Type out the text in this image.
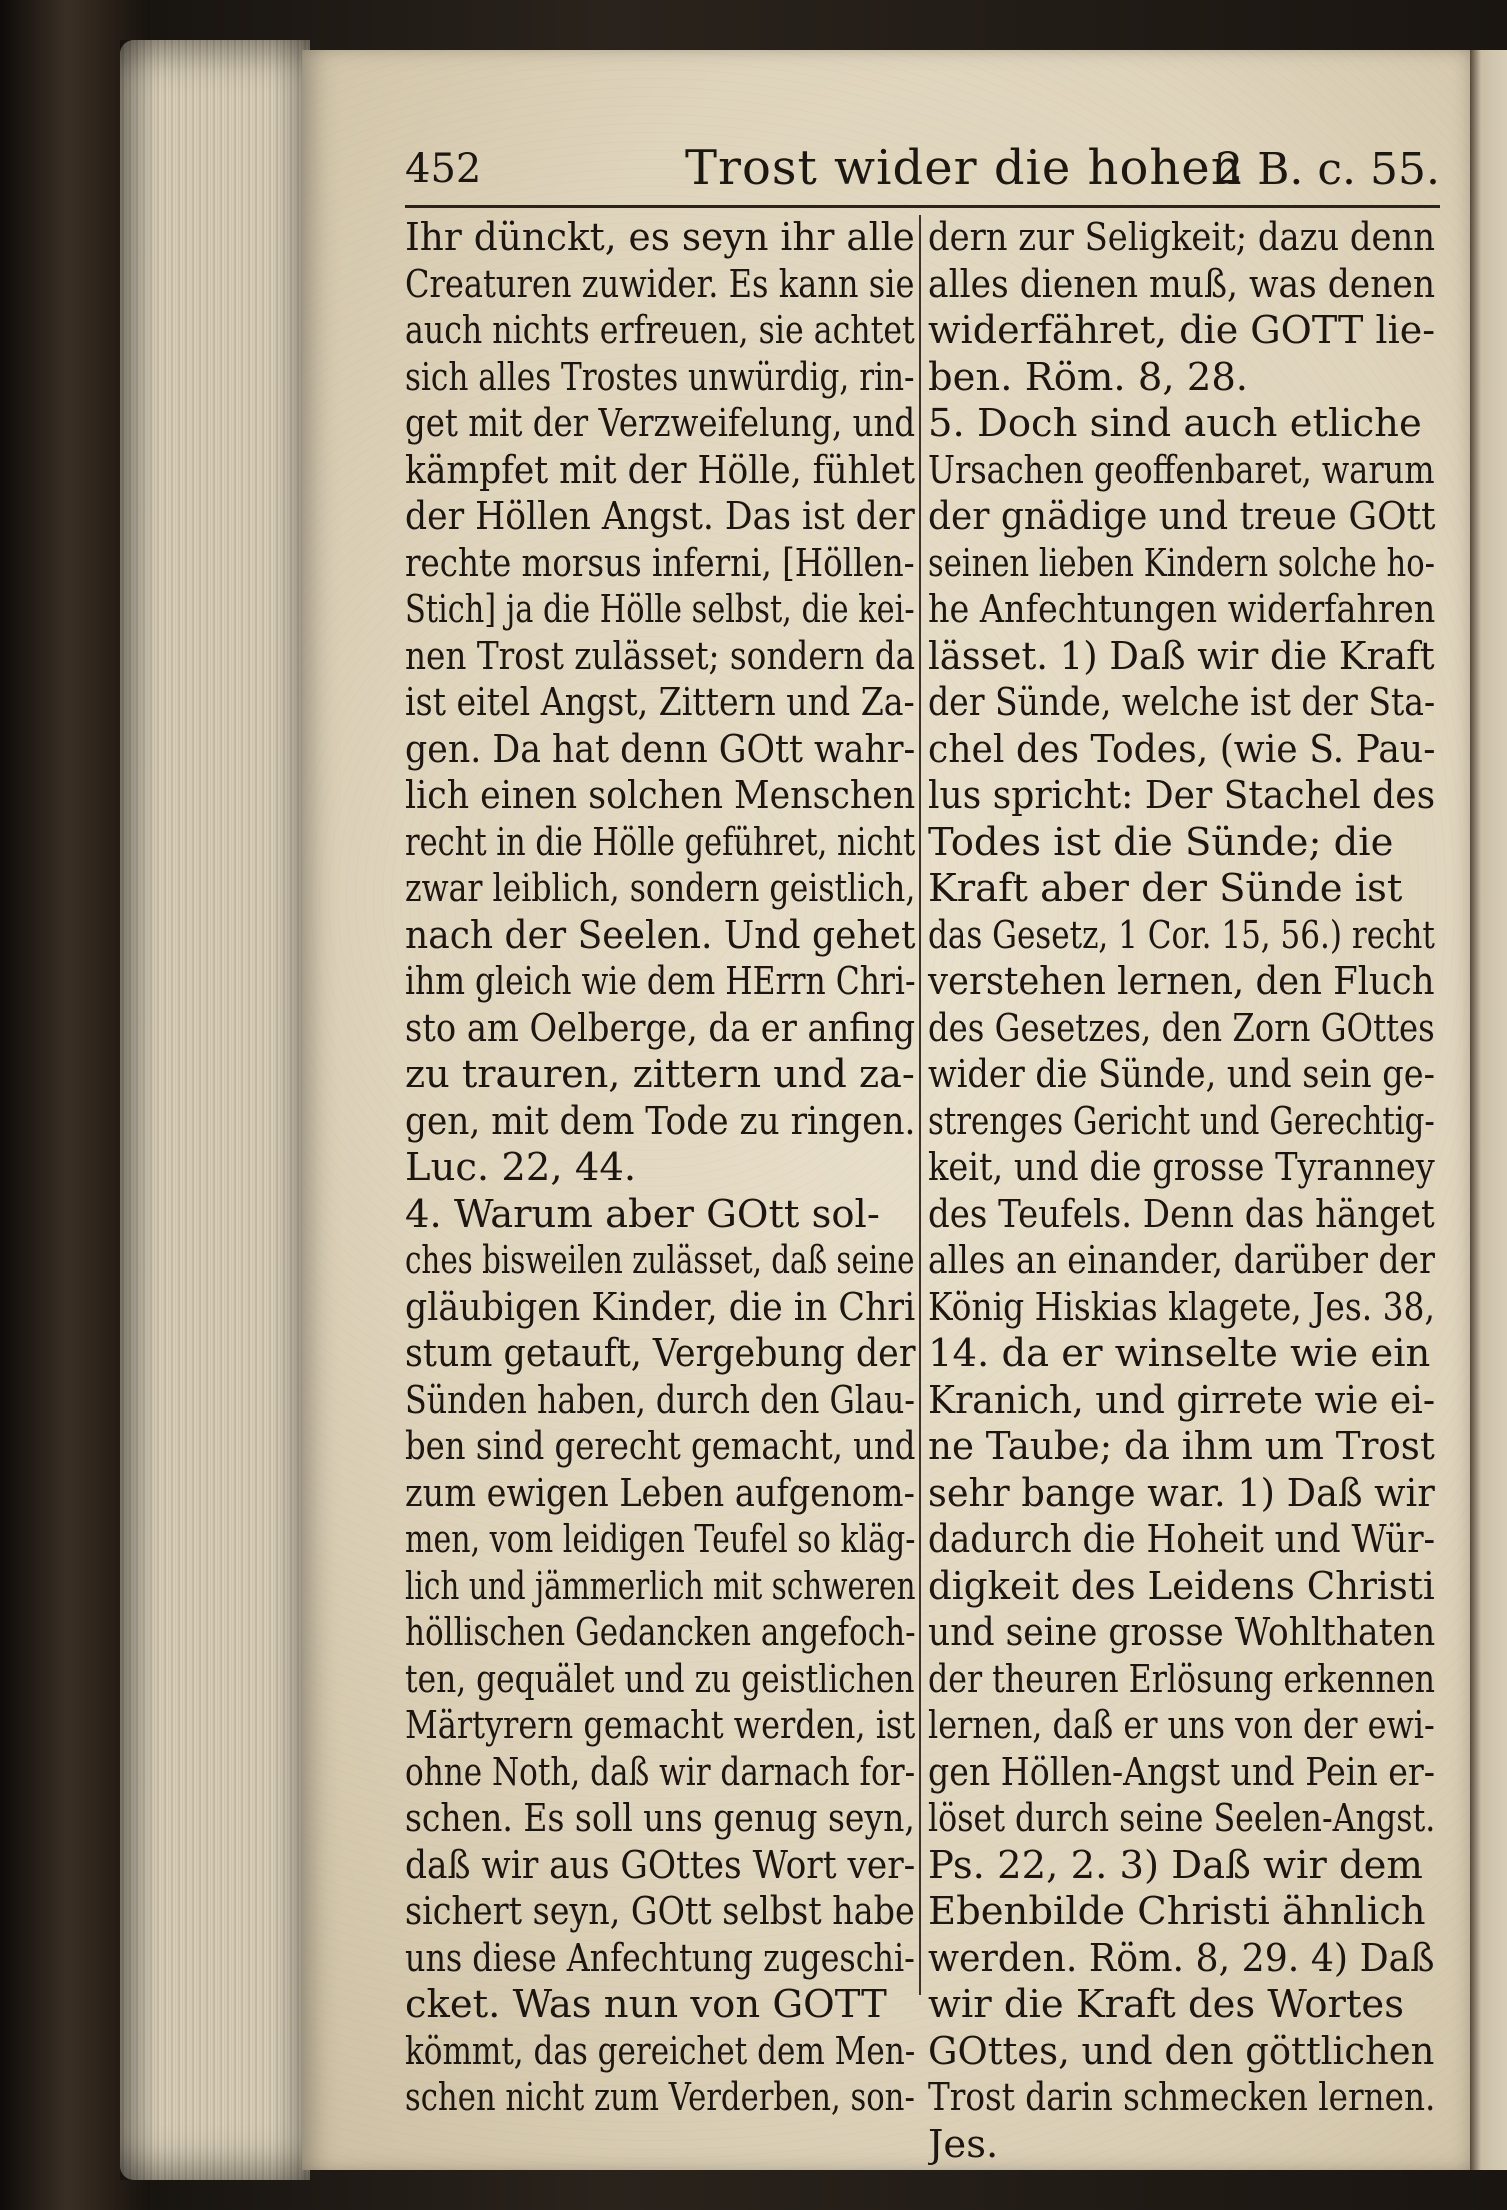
452	Trost wider die hohen
2 B. c. 55.
Ihr dünckt, es seyn ihr alle
Creaturen zuwider. Es kann sie
auch nichts erfreuen, sie achtet
sich alles Trostes unwürdig, rin-
get mit der Verzweifelung, und
kämpfet mit der Hölle, fühlet
der Höllen Angst. Das ist der
rechte morsus inferni, [Höllen-
Stich] ja die Hölle selbst, die kei-
nen Trost zulässet; sondern da
ist eitel Angst, Zittern und Za-
gen. Da hat denn GOtt wahr-
lich einen solchen Menschen
recht in die Hölle geführet, nicht
zwar leiblich, sondern geistlich,
nach der Seelen. Und gehet
ihm gleich wie dem HErrn Chri-
sto am Oelberge, da er anfing
zu trauren, zittern und za-
gen, mit dem Tode zu ringen.
Luc. 22, 44.
4. Warum aber GOtt sol-
ches bisweilen zulässet, daß seine
gläubigen Kinder, die in Chri
stum getauft, Vergebung der
Sünden haben, durch den Glau-
ben sind gerecht gemacht, und
zum ewigen Leben aufgenom-
men, vom leidigen Teufel so kläg-
lich und jämmerlich mit schweren
höllischen Gedancken angefoch-
ten, gequälet und zu geistlichen
Märtyrern gemacht werden, ist
ohne Noth, daß wir darnach for-
schen. Es soll uns genug seyn,
daß wir aus GOttes Wort ver-
sichert seyn, GOtt selbst habe
uns diese Anfechtung zugeschi-
cket. Was nun von GOTT
kömmt, das gereichet dem Men-
schen nicht zum Verderben, son-
dern zur Seligkeit; dazu denn
alles dienen muß, was denen
widerfähret, die GOTT lie-
ben. Röm. 8, 28.
5. Doch sind auch etliche
Ursachen geoffenbaret, warum
der gnädige und treue GOtt
seinen lieben Kindern solche ho-
he Anfechtungen widerfahren
lässet. 1) Daß wir die Kraft
der Sünde, welche ist der Sta-
chel des Todes, (wie S. Pau-
lus spricht: Der Stachel des
Todes ist die Sünde; die
Kraft aber der Sünde ist
das Gesetz, 1 Cor. 15, 56.) recht
verstehen lernen, den Fluch
des Gesetzes, den Zorn GOttes
wider die Sünde, und sein ge-
strenges Gericht und Gerechtig-
keit, und die grosse Tyranney
des Teufels. Denn das hänget
alles an einander, darüber der
König Hiskias klagete, Jes. 38,
14. da er winselte wie ein
Kranich, und girrete wie ei-
ne Taube; da ihm um Trost
sehr bange war. 1) Daß wir
dadurch die Hoheit und Wür-
digkeit des Leidens Christi
und seine grosse Wohlthaten
der theuren Erlösung erkennen
lernen, daß er uns von der ewi-
gen Höllen-Angst und Pein er-
löset durch seine Seelen-Angst.
Ps. 22, 2. 3) Daß wir dem
Ebenbilde Christi ähnlich
werden. Röm. 8, 29. 4) Daß
wir die Kraft des Wortes
GOttes, und den göttlichen
Trost darin schmecken lernen.
Jes.
